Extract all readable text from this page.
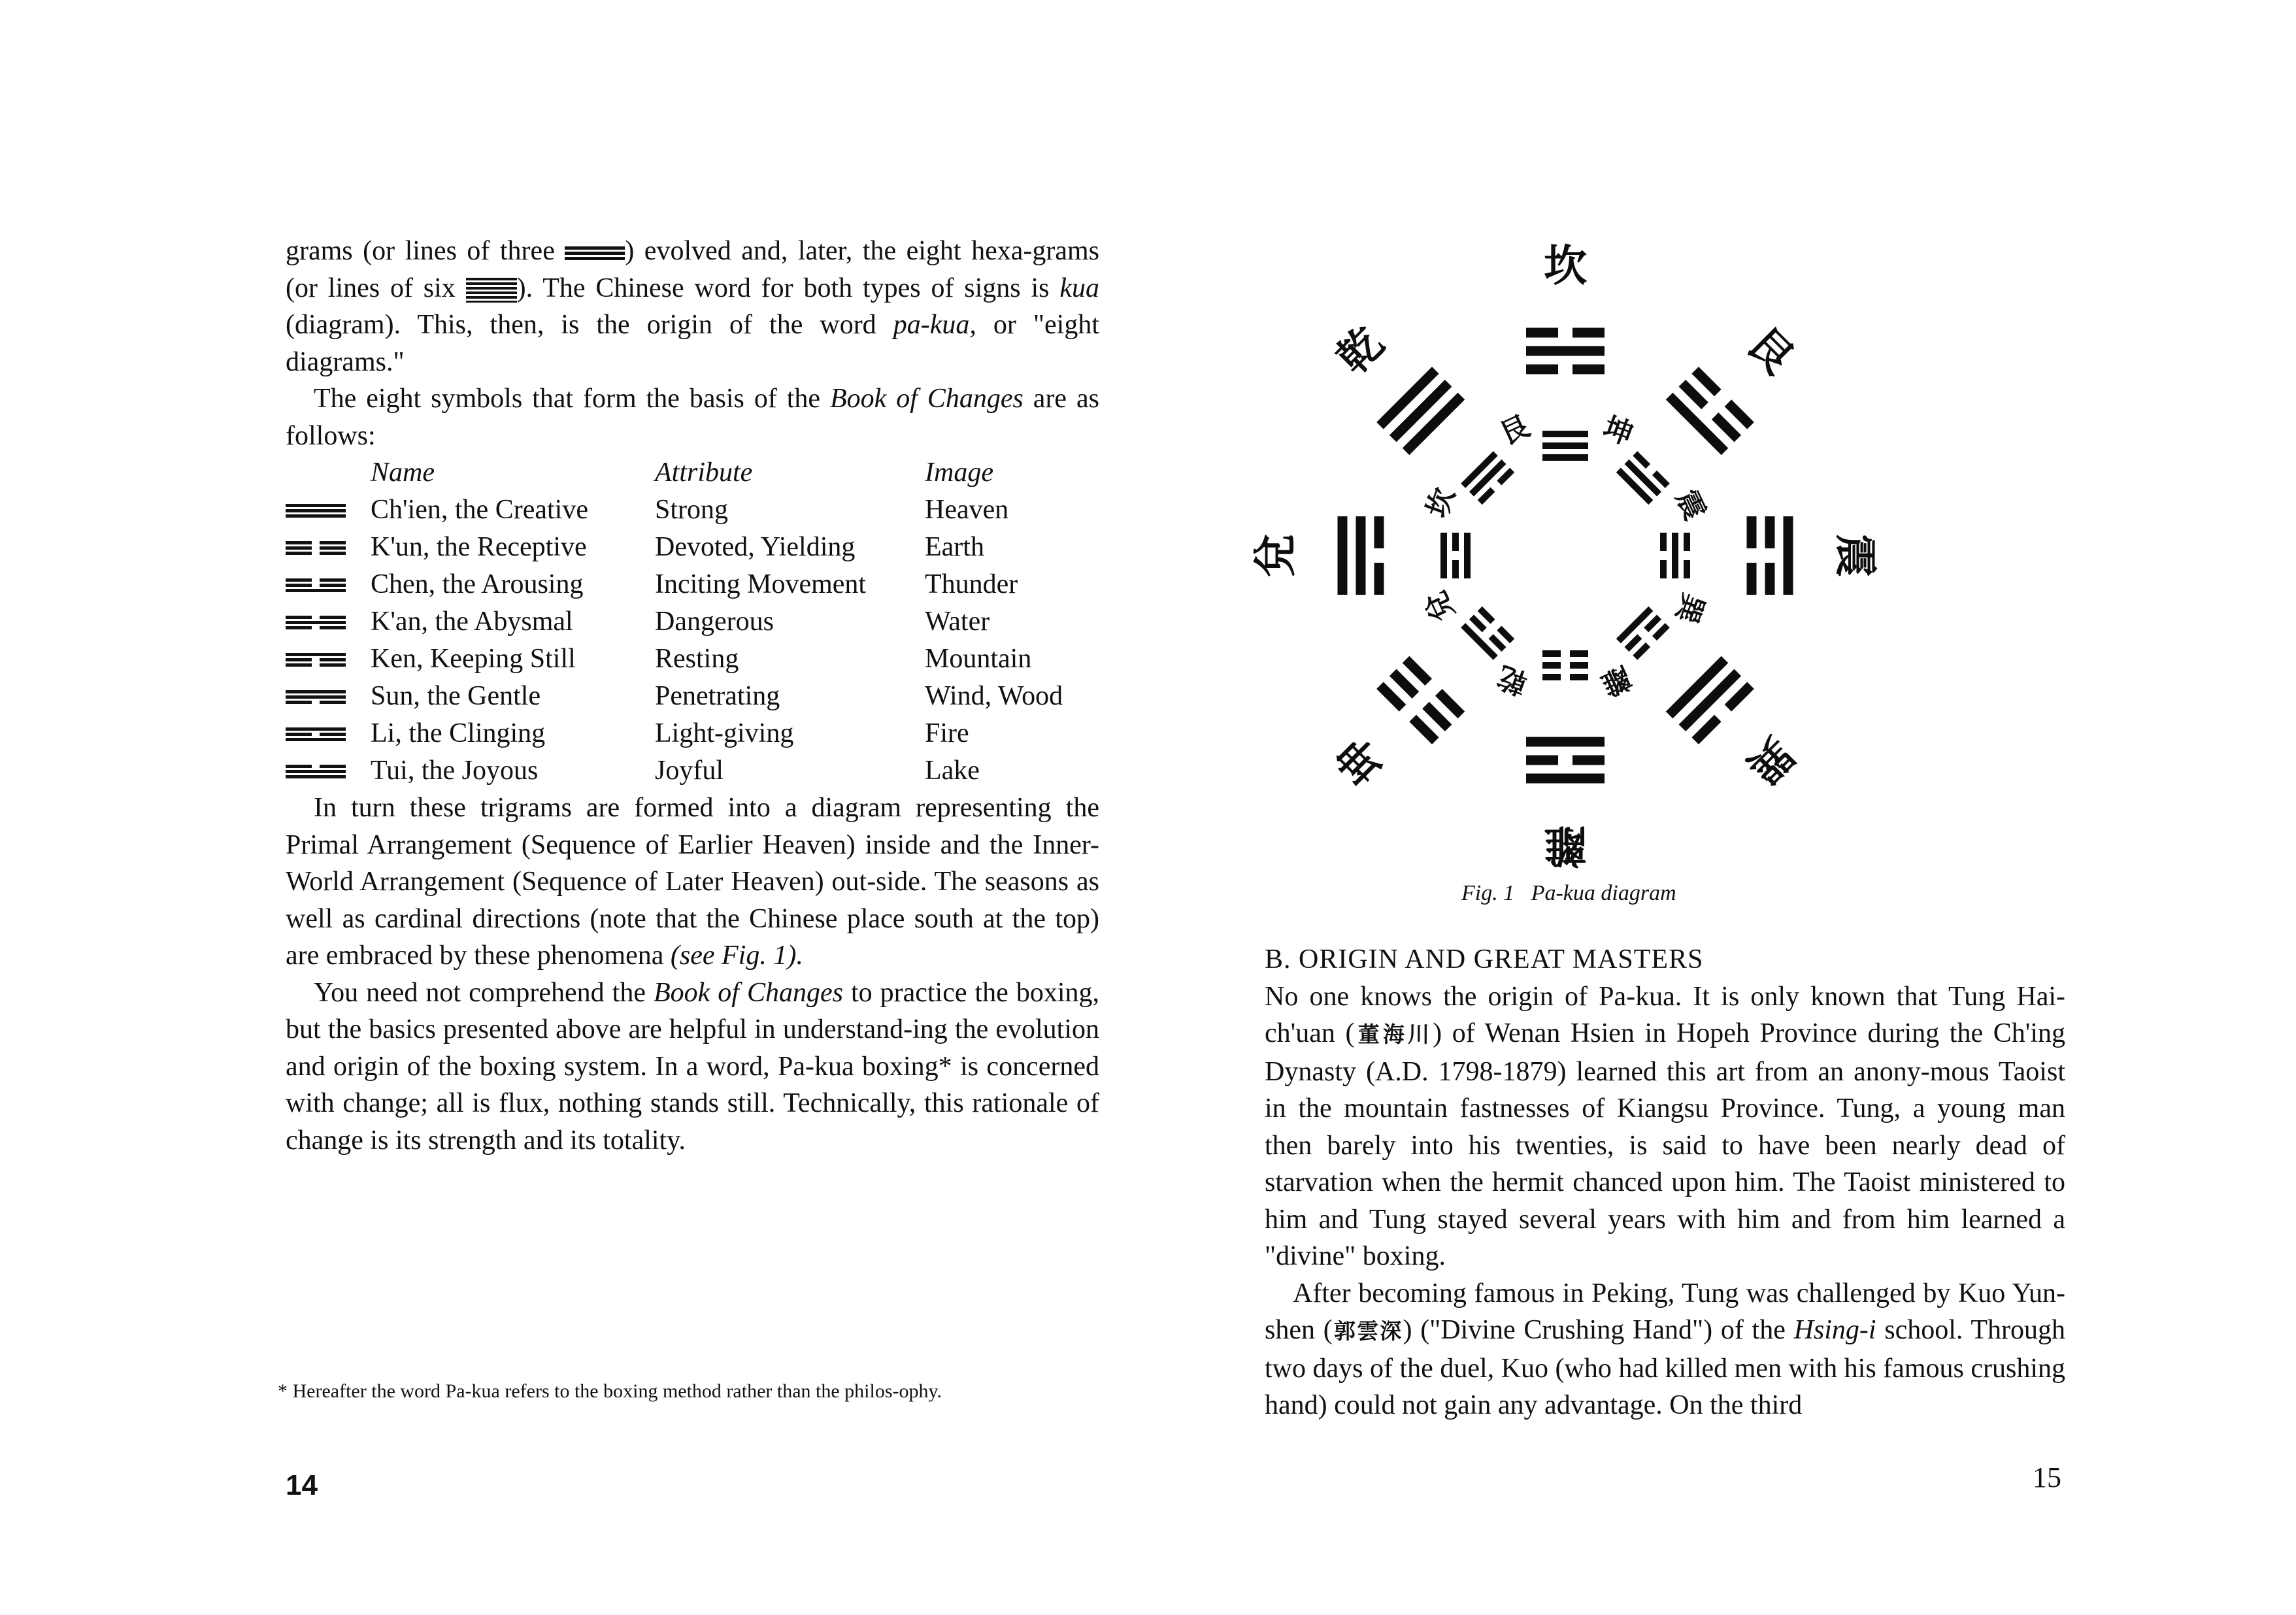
grams (or lines of three ) evolved and, later, the eight hexa-grams (or lines of six ). The Chinese word for both types of signs is kua (diagram). This, then, is the origin of the word pa-kua, or "eight diagrams."

The eight symbols that form the basis of the Book of Changes are as follows:

Name	Attribute	Image
Ch'ien, the Creative	Strong	Heaven
K'un, the Receptive	Devoted, Yielding	Earth
Chen, the Arousing	Inciting Movement	Thunder
K'an, the Abysmal	Dangerous	Water
Ken, Keeping Still	Resting	Mountain
Sun, the Gentle	Penetrating	Wind, Wood
Li, the Clinging	Light-giving	Fire
Tui, the Joyous	Joyful	Lake

In turn these trigrams are formed into a diagram representing the Primal Arrangement (Sequence of Earlier Heaven) inside and the Inner-World Arrangement (Sequence of Later Heaven) out-side. The seasons as well as cardinal directions (note that the Chinese place south at the top) are embraced by these phenomena (see Fig. 1).

You need not comprehend the Book of Changes to practice the boxing, but the basics presented above are helpful in understand-ing the evolution and origin of the boxing system. In a word, Pa-kua boxing* is concerned with change; all is flux, nothing stands still. Technically, this rationale of change is its strength and its totality.

* Hereafter the word Pa-kua refers to the boxing method rather than the philos-ophy.
14
坎
艮
震
巽
離
坤
兌
乾
坤
震
巽
離
乾
兌
坎
艮
Fig. 1 Pa-kua diagram

B. ORIGIN AND GREAT MASTERS

No one knows the origin of Pa-kua. It is only known that Tung Hai-ch'uan (董海川) of Wenan Hsien in Hopeh Province during the Ch'ing Dynasty (A.D. 1798-1879) learned this art from an anony-mous Taoist in the mountain fastnesses of Kiangsu Province. Tung, a young man then barely into his twenties, is said to have been nearly dead of starvation when the hermit chanced upon him. The Taoist ministered to him and Tung stayed several years with him and from him learned a "divine" boxing.

After becoming famous in Peking, Tung was challenged by Kuo Yun-shen (郭雲深) ("Divine Crushing Hand") of the Hsing-i school. Through two days of the duel, Kuo (who had killed men with his famous crushing hand) could not gain any advantage. On the third

15
